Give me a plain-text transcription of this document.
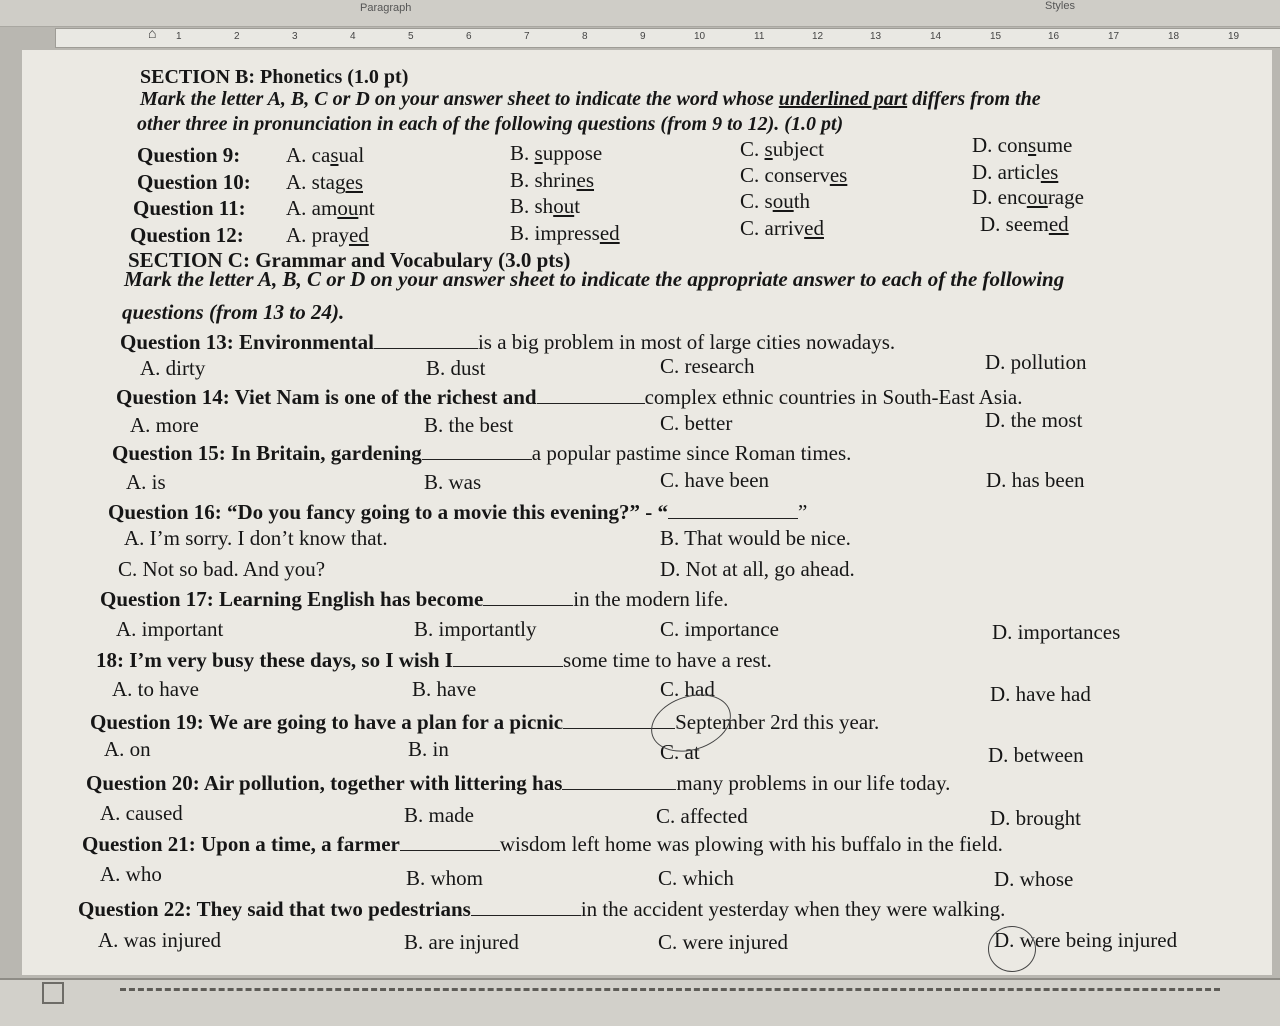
Paragraph	Styles
⌂ 1	2	3	4	5	6	7	8	9	10	11	12	13	14	15	16	17	18	19
SECTION B: Phonetics (1.0 pt)
Mark the letter A, B, C or D on your answer sheet to indicate the word whose underlined part differs from the
other three in pronunciation in each of the following questions (from 9 to 12). (1.0 pt)
Question 9: A. casual	B. suppose	C. subject	D. consume
Question 10: A. stages	B. shrines	C. conserves	D. articles
Question 11: A. amount	B. shout	C. south	D. encourage
Question 12: A. prayed	B. impressed	C. arrived	D. seemed
SECTION C: Grammar and Vocabulary (3.0 pts)
Mark the letter A, B, C or D on your answer sheet to indicate the appropriate answer to each of the following
questions (from 13 to 24).
Question 13: Environmental	is a big problem in most of large cities nowadays.
A. dirty	B. dust	C. research	D. pollution
Question 14: Viet Nam is one of the richest and	complex ethnic countries in South-East Asia.
A. more	B. the best	C. better	D. the most
Question 15: In Britain, gardening	a popular pastime since Roman times.
A. is	B. was	C. have been	D. has been
Question 16: “Do you fancy going to a movie this evening?” - “	”
A. I’m sorry. I don’t know that.	B. That would be nice.
C. Not so bad. And you?	D. Not at all, go ahead.
Question 17: Learning English has become	in the modern life.
A. important	B. importantly	C. importance	D. importances
18: I’m very busy these days, so I wish I	some time to have a rest.
A. to have	B. have	C. had	D. have had
Question 19: We are going to have a plan for a picnic	September 2rd this year.
A. on	B. in	C. at	D. between
Question 20: Air pollution, together with littering has	many problems in our life today.
A. caused	B. made	C. affected	D. brought
Question 21: Upon a time, a farmer	wisdom left home was plowing with his buffalo in the field.
A. who	B. whom	C. which	D. whose
Question 22: They said that two pedestrians	in the accident yesterday when they were walking.
A. was injured	B. are injured	C. were injured	D. were being injured
